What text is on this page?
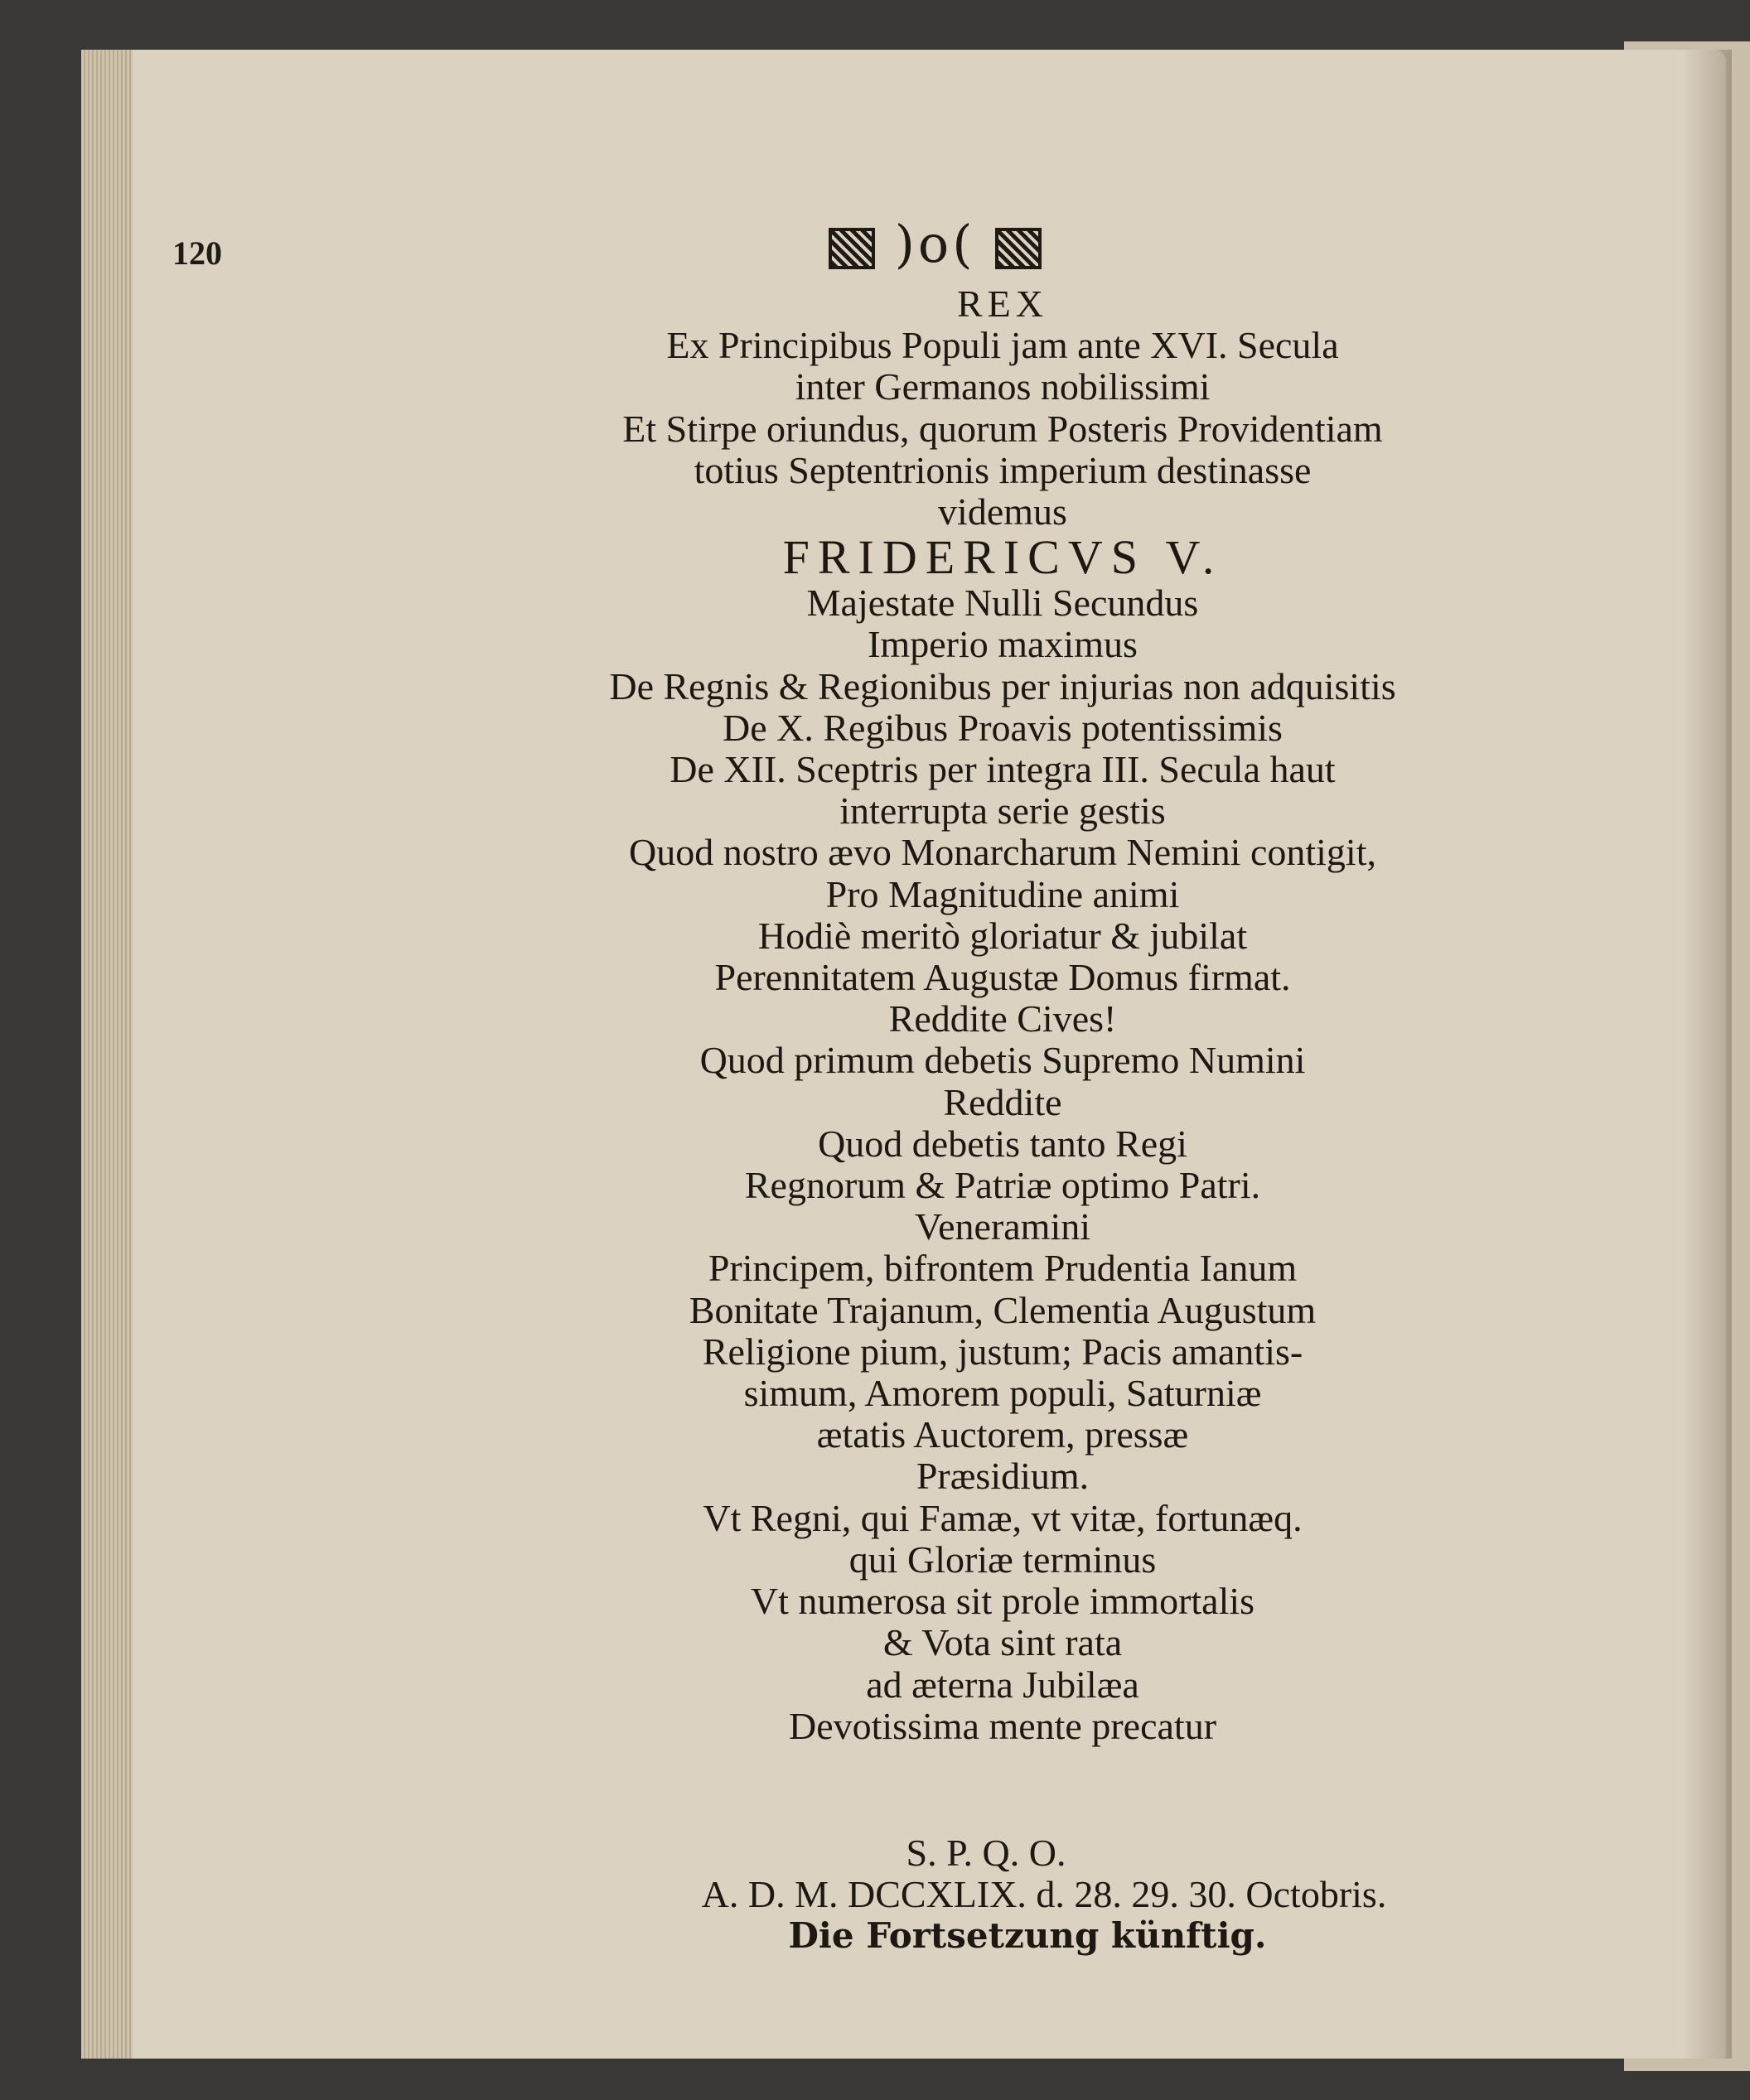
120	)o(
REX
Ex Principibus Populi jam ante XVI. Secula
inter Germanos nobilissimi
Et Stirpe oriundus, quorum Posteris Providentiam
totius Septentrionis imperium destinasse
videmus
FRIDERICVS V.
Majestate Nulli Secundus
Imperio maximus
De Regnis & Regionibus per injurias non adquisitis
De X. Regibus Proavis potentissimis
De XII. Sceptris per integra III. Secula haut
interrupta serie gestis
Quod nostro ævo Monarcharum Nemini contigit,
Pro Magnitudine animi
Hodiè meritò gloriatur & jubilat
Perennitatem Augustæ Domus firmat.
Reddite Cives!
Quod primum debetis Supremo Numini
Reddite
Quod debetis tanto Regi
Regnorum & Patriæ optimo Patri.
Veneramini
Principem, bifrontem Prudentia Ianum
Bonitate Trajanum, Clementia Augustum
Religione pium, justum; Pacis amantis-
simum, Amorem populi, Saturniæ
ætatis Auctorem, pressæ
Præsidium.
Vt Regni, qui Famæ, vt vitæ, fortunæq.
qui Gloriæ terminus
Vt numerosa sit prole immortalis
& Vota sint rata
ad æterna Jubilæa
Devotissima mente precatur
S. P. Q. O.
A. D. M. DCCXLIX. d. 28. 29. 30. Octobris.
Die Fortsetzung künftig.
